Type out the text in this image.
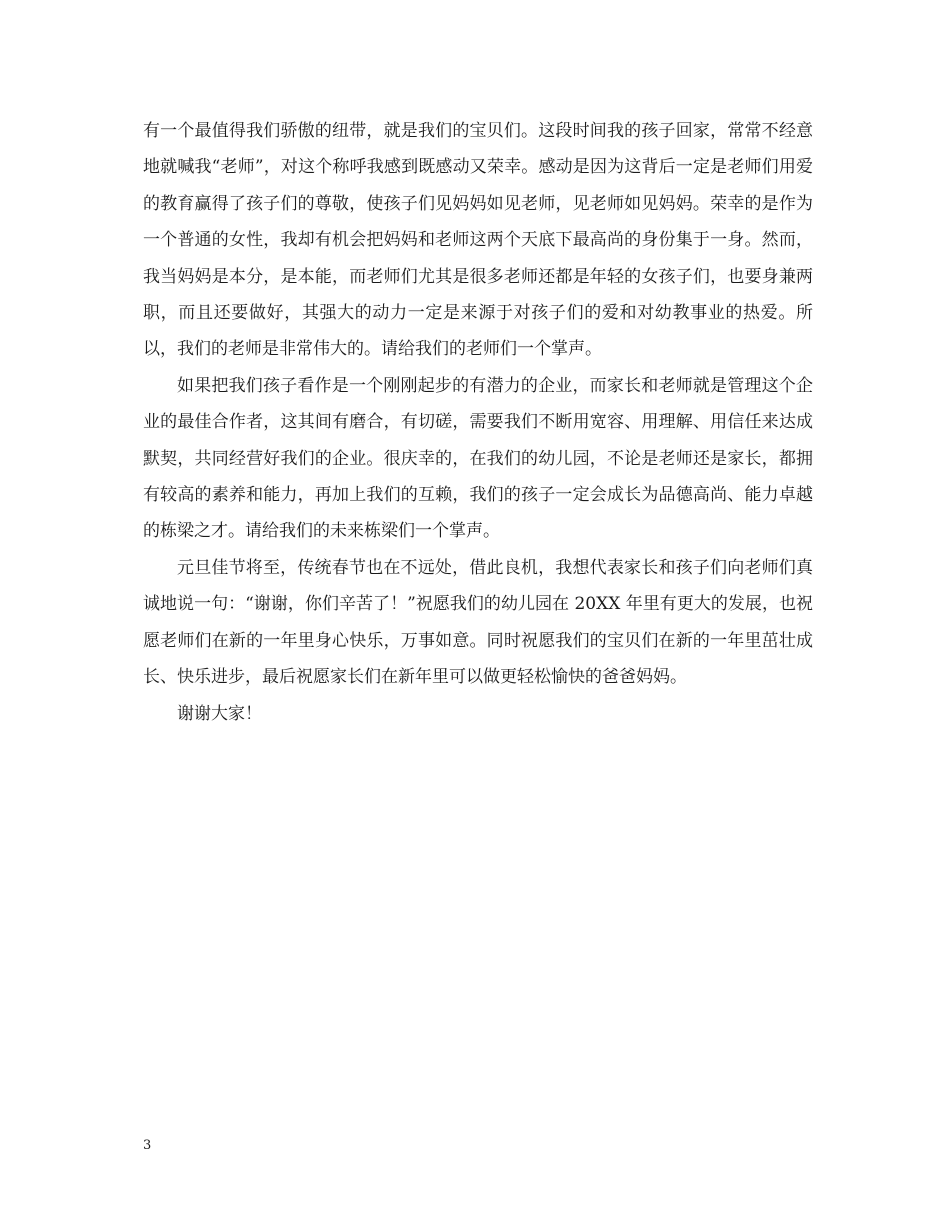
有一个最值得我们骄傲的纽带，就是我们的宝贝们。这段时间我的孩子回家，常常不经意地就喊我“老师”，对这个称呼我感到既感动又荣幸。感动是因为这背后一定是老师们用爱的教育赢得了孩子们的尊敬，使孩子们见妈妈如见老师，见老师如见妈妈。荣幸的是作为一个普通的女性，我却有机会把妈妈和老师这两个天底下最高尚的身份集于一身。然而，我当妈妈是本分，是本能，而老师们尤其是很多老师还都是年轻的女孩子们，也要身兼两职，而且还要做好，其强大的动力一定是来源于对孩子们的爱和对幼教事业的热爱。所以，我们的老师是非常伟大的。请给我们的老师们一个掌声。

如果把我们孩子看作是一个刚刚起步的有潜力的企业，而家长和老师就是管理这个企业的最佳合作者，这其间有磨合，有切磋，需要我们不断用宽容、用理解、用信任来达成默契，共同经营好我们的企业。很庆幸的，在我们的幼儿园，不论是老师还是家长，都拥有较高的素养和能力，再加上我们的互赖，我们的孩子一定会成长为品德高尚、能力卓越的栋梁之才。请给我们的未来栋梁们一个掌声。

元旦佳节将至，传统春节也在不远处，借此良机，我想代表家长和孩子们向老师们真诚地说一句：“谢谢，你们辛苦了！”祝愿我们的幼儿园在 20XX 年里有更大的发展，也祝愿老师们在新的一年里身心快乐，万事如意。同时祝愿我们的宝贝们在新的一年里茁壮成长、快乐进步，最后祝愿家长们在新年里可以做更轻松愉快的爸爸妈妈。

谢谢大家！

3
